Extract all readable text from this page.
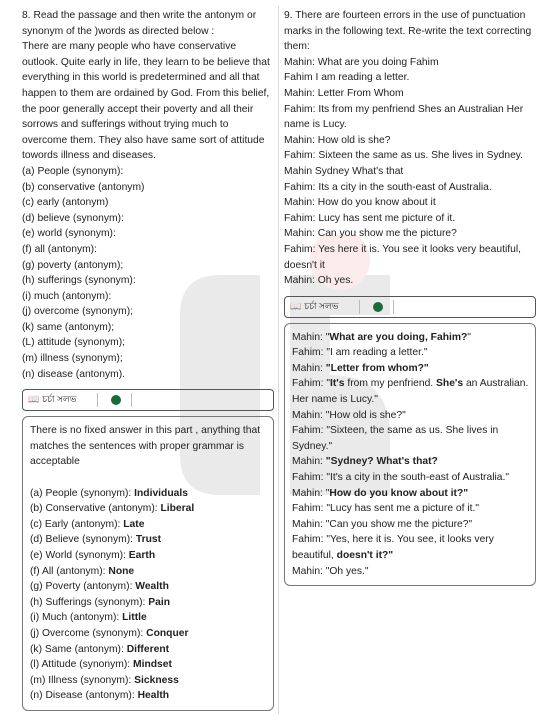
8. Read the passage and then write the antonym or synonym of the )words as directed below :

There are many people who have conservative outlook. Quite early in life, they learn to be believe that everything in this world is predetermined and all that happen to them are ordained by God. From this belief, the poor generally accept their poverty and all their sorrows and sufferings without trying much to overcome them. They also have same sort of attitude towords illness and diseases.

(a) People (synonym):
(b) conservative (antonym)
(c) early (antonym)
(d) believe (synonym):
(e) world (synonym):
(f) all (antonym):
(g) poverty (antonym);
(h) sufferings (synonym):
(i) much (antonym):
(j) overcome (synonym);
(k) same (antonym);
(L) attitude (synonym);
(m) illness (synonym);
(n) disease (antonym).
📖 চর্চা সলভ

There is no fixed answer in this part , anything that matches the sentences with proper grammar is acceptable

(a) People (synonym): Individuals
(b) Conservative (antonym): Liberal
(c) Early (antonym): Late
(d) Believe (synonym): Trust
(e) World (synonym): Earth
(f) All (antonym): None
(g) Poverty (antonym): Wealth
(h) Sufferings (synonym): Pain
(i) Much (antonym): Little
(j) Overcome (synonym): Conquer
(k) Same (antonym): Different
(l) Attitude (synonym): Mindset
(m) Illness (synonym): Sickness
(n) Disease (antonym): Health

9. There are fourteen errors in the use of punctuation marks in the following text. Re-write the text correcting them:

Mahin: What are you doing Fahim
Fahim I am reading a letter.
Mahin: Letter From Whom
Fahim: Its from my penfriend Shes an Australian Her name is Lucy.
Mahin: How old is she?
Fahim: Sixteen the same as us. She lives in Sydney.
Mahin Sydney What's that
Fahim: Its a city in the south-east of Australia.
Mahin: How do you know about it
Fahim: Lucy has sent me picture of it.
Mahin: Can you show me the picture?
Fahim: Yes here it is. You see it looks very beautiful, doesn't it
Mahin: Oh yes.
📖 চর্চা সলভ
Mahin: "What are you doing, Fahim?"
Fahim: "I am reading a letter."
Mahin: "Letter from whom?"
Fahim: "It's from my penfriend. She's an Australian. Her name is Lucy."
Mahin: "How old is she?"
Fahim: "Sixteen, the same as us. She lives in Sydney."
Mahin: "Sydney? What's that?
Fahim: "It's a city in the south-east of Australia."
Mahin: "How do you know about it?"
Fahim: "Lucy has sent me a picture of it."
Mahin: "Can you show me the picture?"
Fahim: "Yes, here it is. You see, it looks very beautiful, doesn't it?"
Mahin: "Oh yes."
